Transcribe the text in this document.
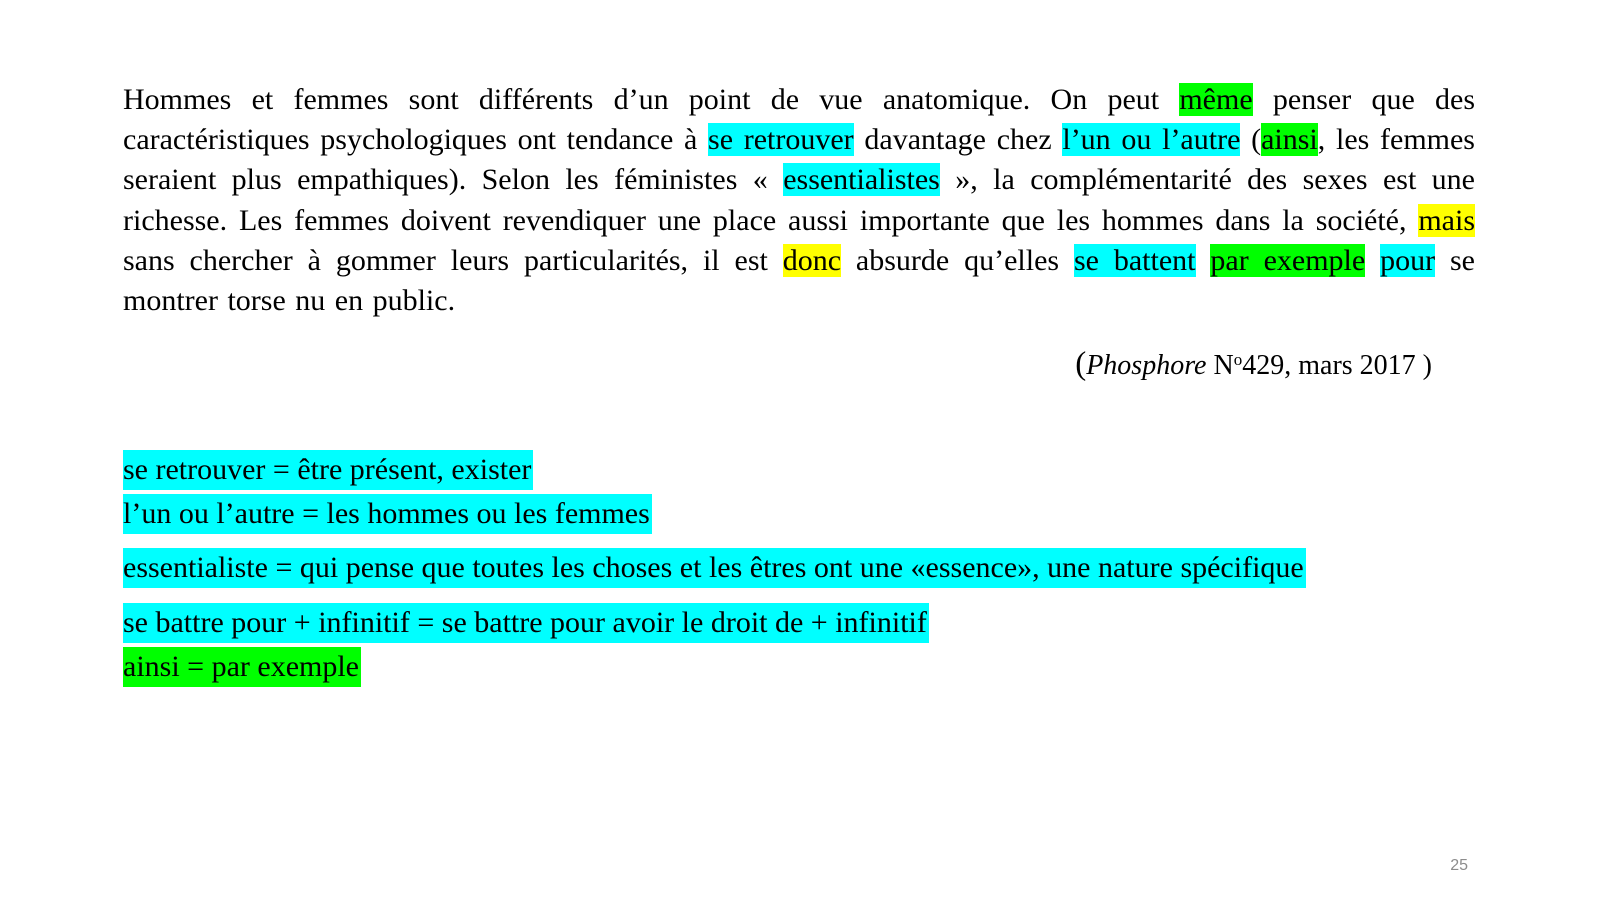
Hommes et femmes sont différents d’un point de vue anatomique. On peut même penser que des caractéristiques psychologiques ont tendance à se retrouver davantage chez l’un ou l’autre (ainsi, les femmes seraient plus empathiques). Selon les féministes « essentialistes », la complémentarité des sexes est une richesse. Les femmes doivent revendiquer une place aussi importante que les hommes dans la société, mais sans chercher à gommer leurs particularités, il est donc absurde qu’elles se battent par exemple pour se montrer torse nu en public.

(Phosphore $N^o429$, mars 2017 )
se retrouver = être présent, exister
l’un ou l’autre = les hommes ou les femmes
essentialiste = qui pense que toutes les choses et les êtres ont une «essence», une nature spécifique
se battre pour + infinitif = se battre pour avoir le droit de + infinitif
ainsi = par exemple
25
